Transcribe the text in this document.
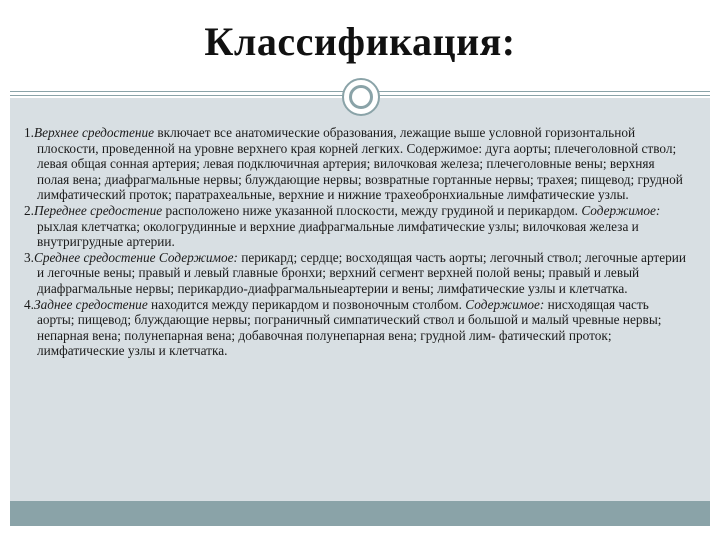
Классификация:
1.Верхнее средостение включает все анатомические образования, лежащие выше условной горизонтальной плоскости, проведенной на уровне верхнего края корней легких. Содержимое: дуга аорты; плечеголовной ствол; левая общая сонная артерия; левая подключичная артерия; вилочковая железа; плечеголовные вены; верхняя полая вена; диафрагмальные нервы; блуждающие нервы; возвратные гортанные нервы; трахея; пищевод; грудной лимфатический проток; паратрахеальные, верхние и нижние трахеобронхиальные лимфатические узлы.
2.Переднее средостение расположено ниже указанной плоскости, между грудиной и перикардом. Содержимое: рыхлая клетчатка; окологрудинные и верхние диафрагмальные лимфатические узлы; вилочковая железа и внутригрудные артерии.
3.Среднее средостение Содержимое: перикард; сердце; восходящая часть аорты; легочный ствол; легочные артерии и легочные вены; правый и левый главные бронхи; верхний сегмент верхней полой вены; правый и левый диафрагмальные нервы; перикардио-диафрагмальныеартерии и вены; лимфатические узлы и клетчатка.
4.Заднее средостение находится между перикардом и позвоночным столбом. Содержимое: нисходящая часть аорты; пищевод; блуждающие нервы; пограничный симпатический ствол и большой и малый чревные нервы; непарная вена; полунепарная вена; добавочная полунепарная вена; грудной лим- фатический проток; лимфатические узлы и клетчатка.
